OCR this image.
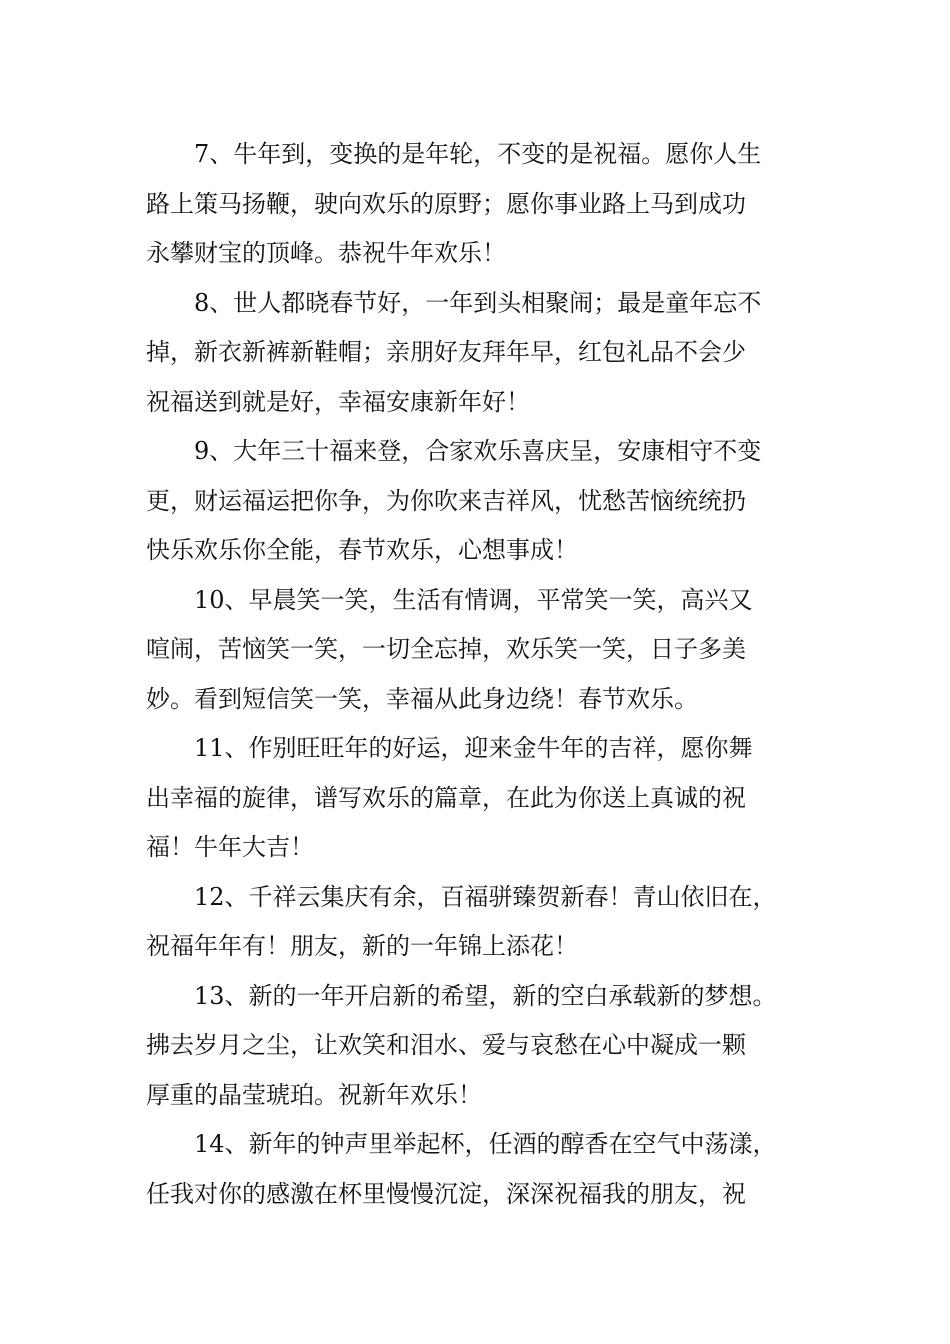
7、牛年到，变换的是年轮，不变的是祝福。愿你人生
路上策马扬鞭，驶向欢乐的原野；愿你事业路上马到成功
永攀财宝的顶峰。恭祝牛年欢乐！

8、世人都晓春节好，一年到头相聚闹；最是童年忘不
掉，新衣新裤新鞋帽；亲朋好友拜年早，红包礼品不会少
祝福送到就是好，幸福安康新年好！

9、大年三十福来登，合家欢乐喜庆呈，安康相守不变
更，财运福运把你争，为你吹来吉祥风，忧愁苦恼统统扔
快乐欢乐你全能，春节欢乐，心想事成！

10、早晨笑一笑，生活有情调，平常笑一笑，高兴又
喧闹，苦恼笑一笑，一切全忘掉，欢乐笑一笑，日子多美
妙。看到短信笑一笑，幸福从此身边绕！春节欢乐。

11、作别旺旺年的好运，迎来金牛年的吉祥，愿你舞
出幸福的旋律，谱写欢乐的篇章，在此为你送上真诚的祝
福！牛年大吉！

12、千祥云集庆有余，百福骈臻贺新春！青山依旧在，
祝福年年有！朋友，新的一年锦上添花！

13、新的一年开启新的希望，新的空白承载新的梦想。
拂去岁月之尘，让欢笑和泪水、爱与哀愁在心中凝成一颗
厚重的晶莹琥珀。祝新年欢乐！

14、新年的钟声里举起杯，任酒的醇香在空气中荡漾，
任我对你的感激在杯里慢慢沉淀，深深祝福我的朋友，祝
